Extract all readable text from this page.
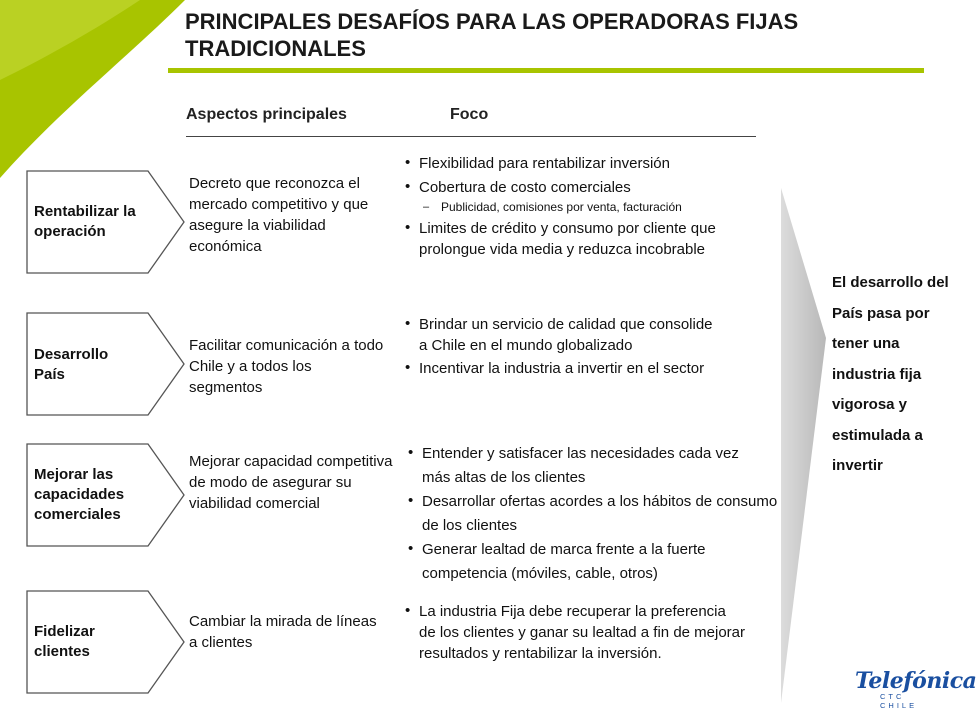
PRINCIPALES DESAFÍOS PARA LAS OPERADORAS FIJAS TRADICIONALES
Aspectos principales	Foco
Rentabilizar la operación
Decreto que reconozca el mercado competitivo y que asegure la viabilidad económica
• Flexibilidad para rentabilizar inversión
• Cobertura de costo comerciales
– Publicidad, comisiones por venta, facturación
• Limites de crédito y consumo por cliente que prolongue vida media y reduzca incobrable
Desarrollo País
Facilitar comunicación a todo Chile y a todos los segmentos
• Brindar un servicio de calidad que consolide a Chile en el mundo globalizado
• Incentivar la industria a invertir en el sector
Mejorar las capacidades comerciales
Mejorar capacidad competitiva de modo de asegurar su viabilidad comercial
• Entender y satisfacer las necesidades cada vez más altas de los clientes
• Desarrollar ofertas acordes a los hábitos de consumo de los clientes
• Generar lealtad de marca frente a la fuerte competencia (móviles, cable, otros)
Fidelizar clientes
Cambiar la mirada de líneas a clientes
• La industria Fija debe recuperar la preferencia de los clientes y ganar su lealtad a fin de mejorar resultados y rentabilizar la inversión.
El desarrollo del País pasa por tener una industria fija vigorosa y estimulada a invertir
Telefónica
CTC CHILE
